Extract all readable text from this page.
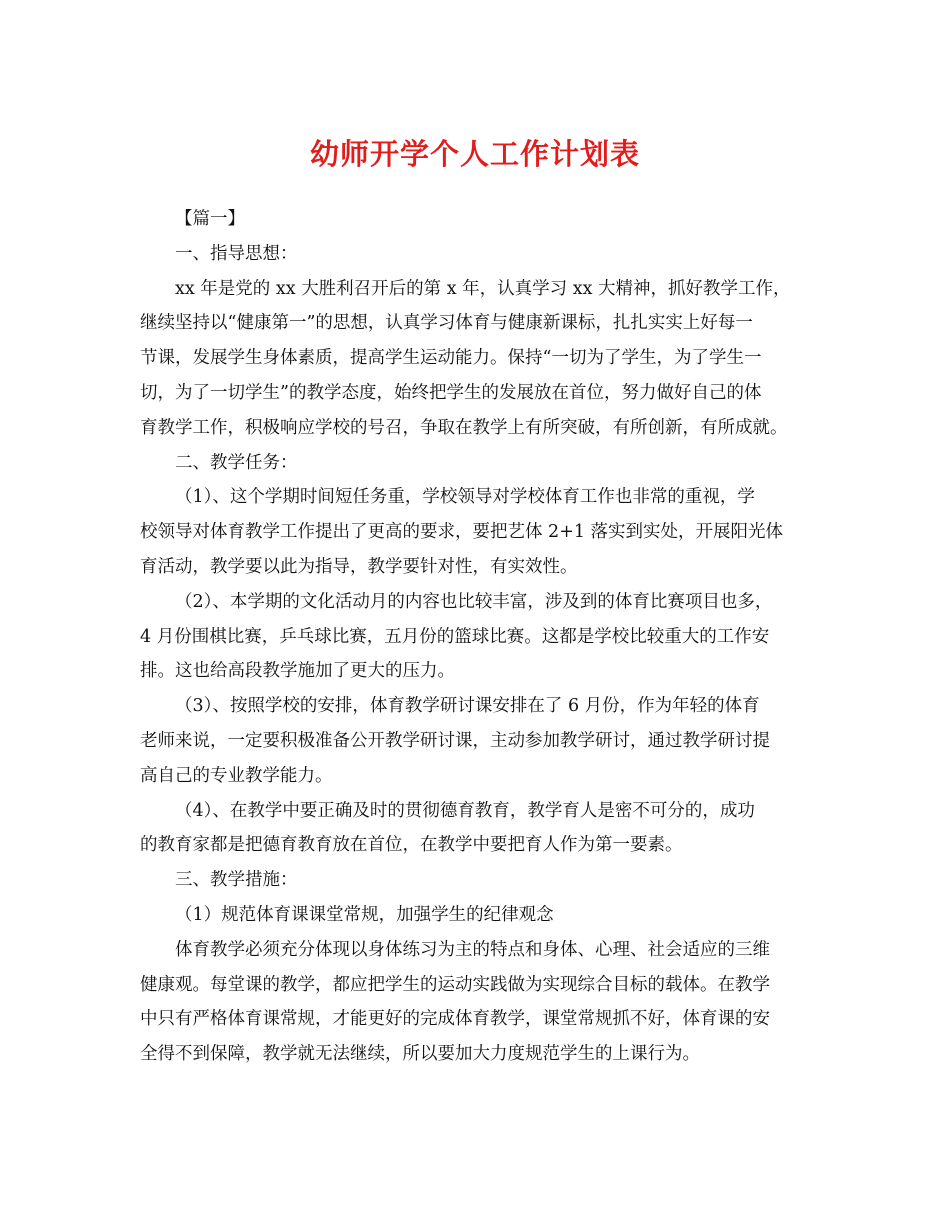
幼师开学个人工作计划表

【篇一】

一、指导思想：

xx 年是党的 xx 大胜利召开后的第 x 年，认真学习 xx 大精神，抓好教学工作，
继续坚持以“健康第一”的思想，认真学习体育与健康新课标，扎扎实实上好每一
节课，发展学生身体素质，提高学生运动能力。保持“一切为了学生，为了学生一
切，为了一切学生”的教学态度，始终把学生的发展放在首位，努力做好自己的体
育教学工作，积极响应学校的号召，争取在教学上有所突破，有所创新，有所成就。

二、教学任务：

（1）、这个学期时间短任务重，学校领导对学校体育工作也非常的重视，学
校领导对体育教学工作提出了更高的要求，要把艺体 2+1 落实到实处，开展阳光体
育活动，教学要以此为指导，教学要针对性，有实效性。
（2）、本学期的文化活动月的内容也比较丰富，涉及到的体育比赛项目也多，
4 月份围棋比赛，乒乓球比赛，五月份的篮球比赛。这都是学校比较重大的工作安
排。这也给高段教学施加了更大的压力。
（3）、按照学校的安排，体育教学研讨课安排在了 6 月份，作为年轻的体育
老师来说，一定要积极准备公开教学研讨课，主动参加教学研讨，通过教学研讨提
高自己的专业教学能力。
（4）、在教学中要正确及时的贯彻德育教育，教学育人是密不可分的，成功
的教育家都是把德育教育放在首位，在教学中要把育人作为第一要素。

三、教学措施：

（1）规范体育课课堂常规，加强学生的纪律观念

体育教学必须充分体现以身体练习为主的特点和身体、心理、社会适应的三维
健康观。每堂课的教学，都应把学生的运动实践做为实现综合目标的载体。在教学
中只有严格体育课常规，才能更好的完成体育教学，课堂常规抓不好，体育课的安
全得不到保障，教学就无法继续，所以要加大力度规范学生的上课行为。
